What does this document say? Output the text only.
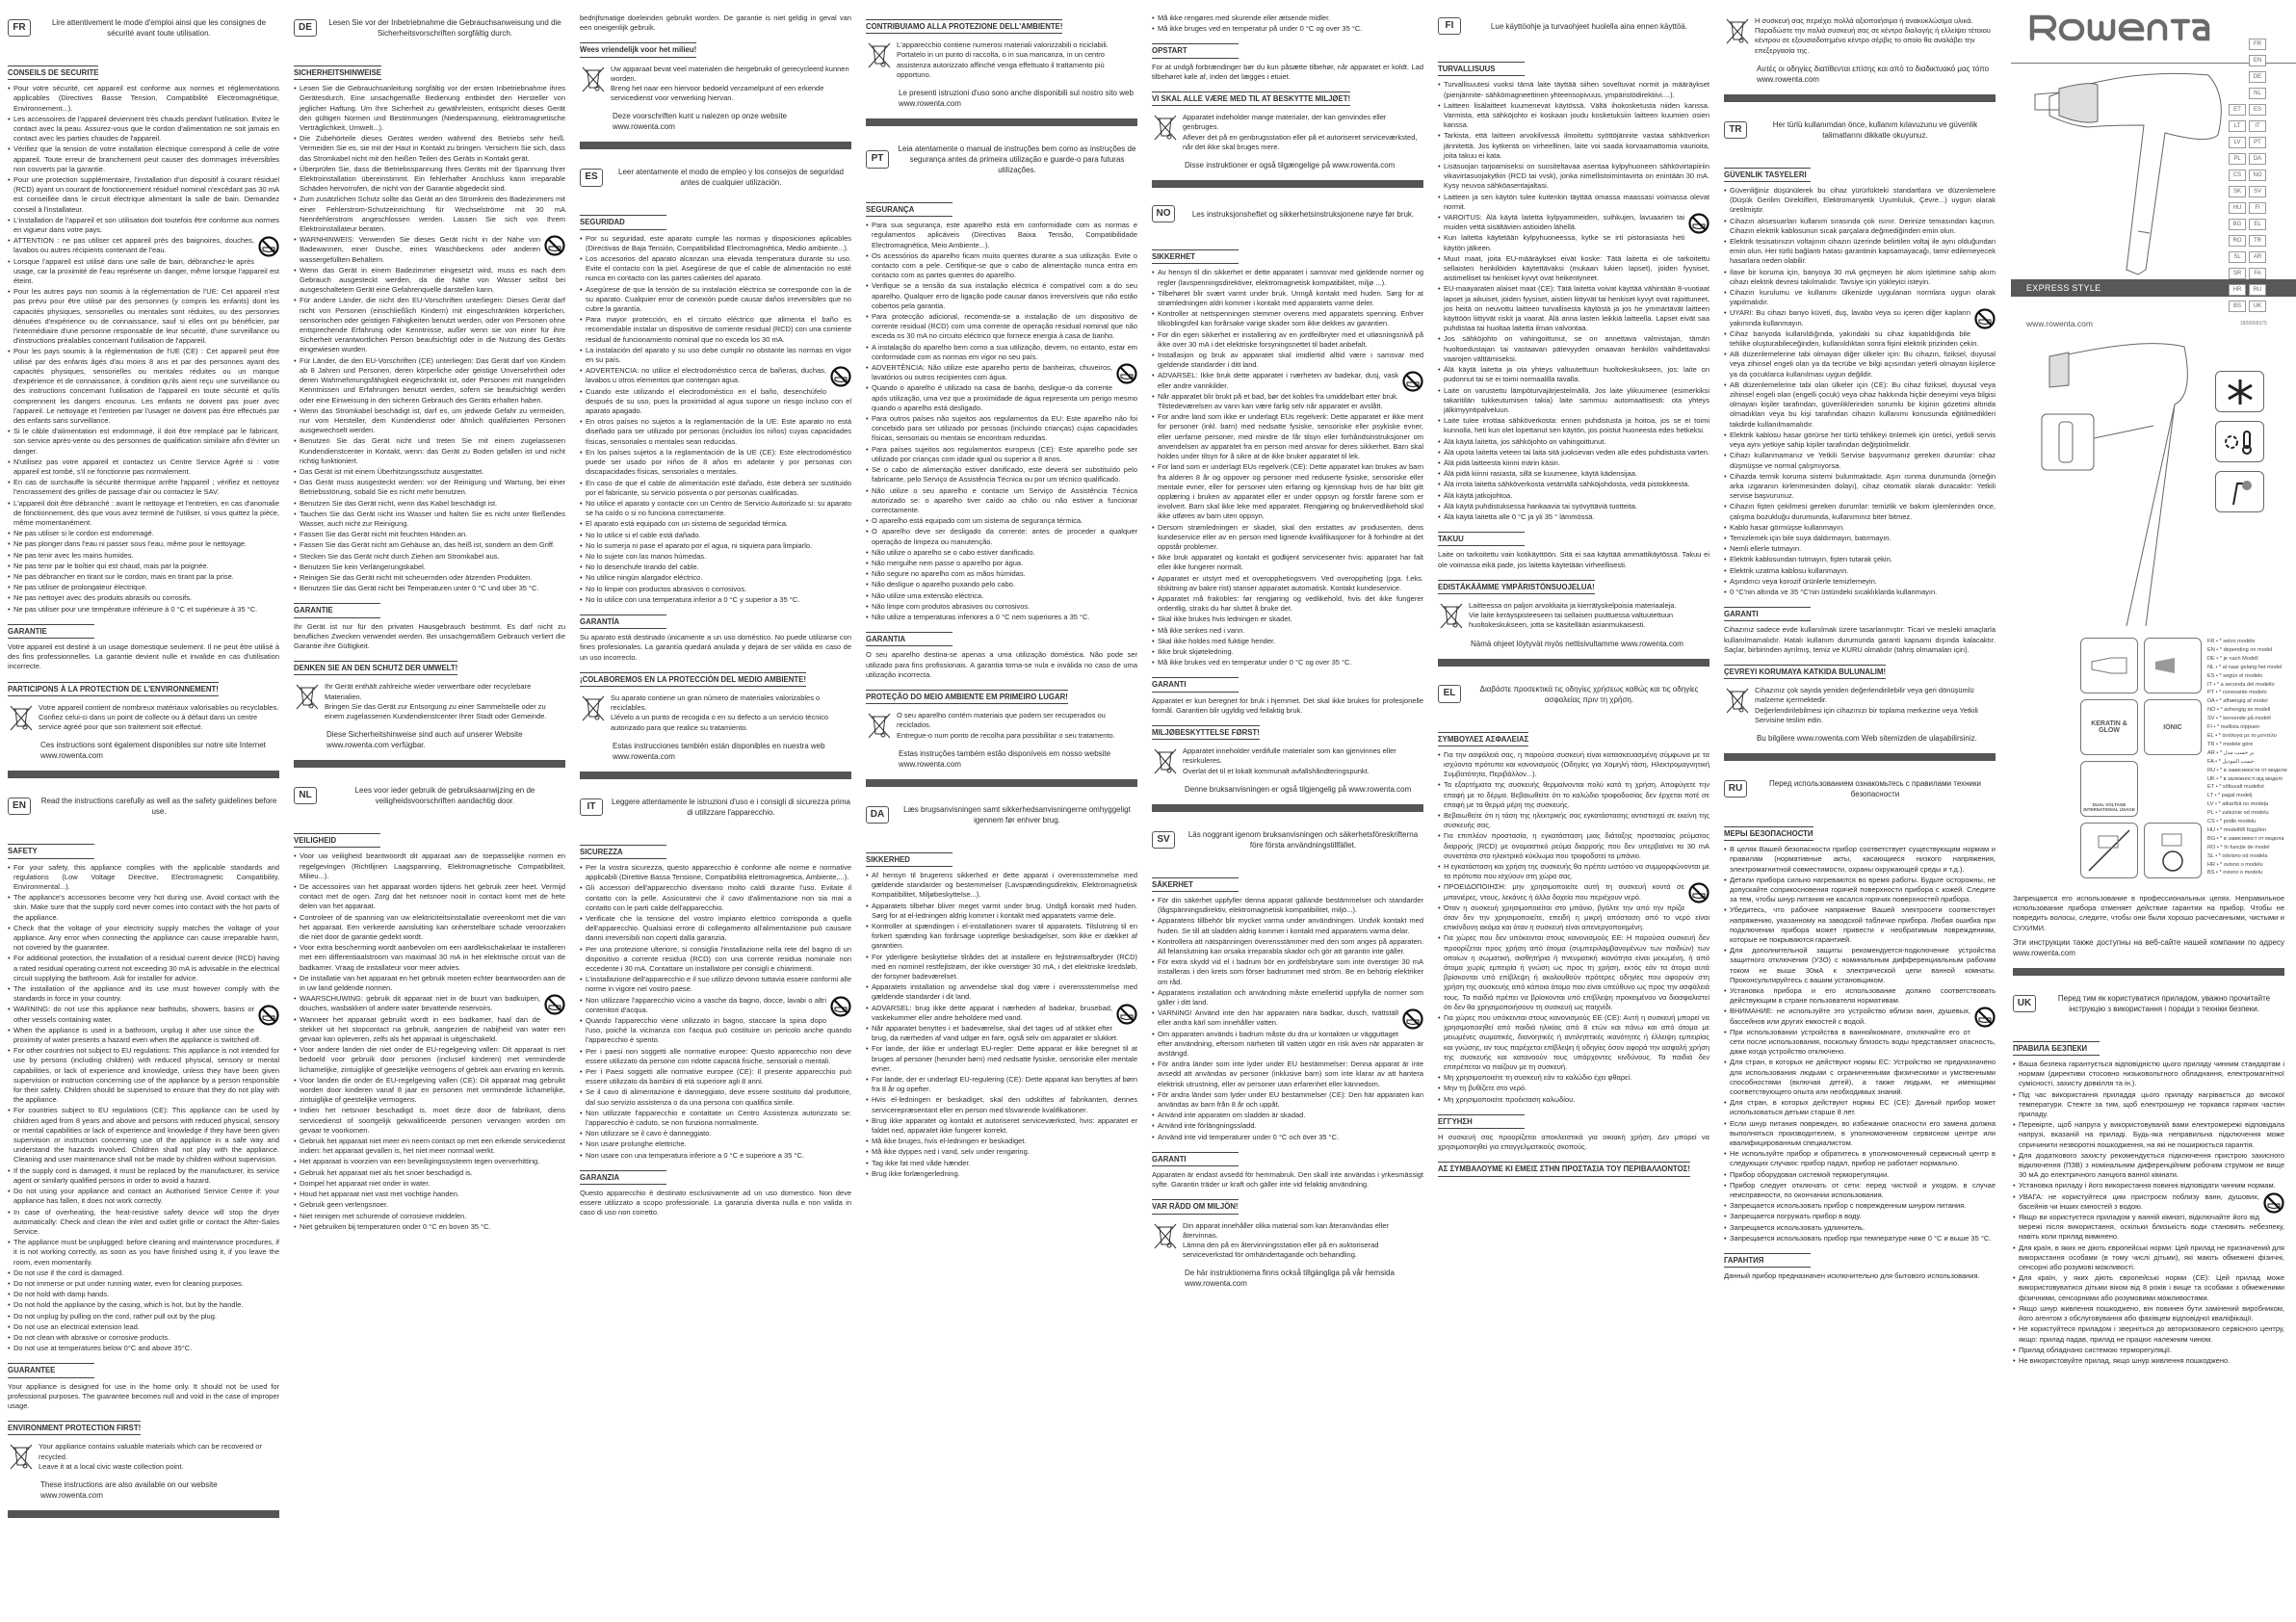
FR	Lire attentivement le mode d'emploi ainsi que les consignes de sécurité avant toute utilisation.
CONSEILS DE SECURITE
• Pour votre sécurité, cet appareil est conforme aux normes et réglementations applicables (Directives Basse Tension, Compatibilité Electromagnétique, Environnement...).
• Les accessoires de l'appareil deviennent très chauds pendant l'utilisation. Evitez le contact avec la peau. Assurez-vous que le cordon d'alimentation ne soit jamais en contact avec les parties chaudes de l'appareil.
• Vérifiez que la tension de votre installation électrique correspond à celle de votre appareil. Toute erreur de branchement peut causer des dommages irréversibles non couverts par la garantie.
• Pour une protection supplémentaire, l'installation d'un dispositif à courant résiduel (RCD) ayant un courant de fonctionnement résiduel nominal n'excédant pas 30 mA est conseillée dans le circuit électrique alimentant la salle de bain. Demandez conseil à l'installateur.
• L'installation de l'appareil et son utilisation doit toutefois être conforme aux normes en vigueur dans votre pays.
• ATTENTION : ne pas utiliser cet appareil près des baignoires, douches, lavabos ou autres récipients contenant de l'eau.
• Lorsque l'appareil est utilisé dans une salle de bain, débranchez-le après usage, car la proximité de l'eau représente un danger, même lorsque l'appareil est éteint.
• Pour les autres pays non soumis à la réglementation de l'UE: Cet appareil n'est pas prévu pour être utilisé par des personnes (y compris les enfants) dont les capacités physiques, sensorielles ou mentales sont réduites, ou des personnes dénuées d'expérience ou de connaissance, sauf si elles ont pu bénéficier, par l'intermédiaire d'une personne responsable de leur sécurité, d'une surveillance ou d'instructions préalables concernant l'utilisation de l'appareil.
• Pour les pays soumis à la réglementation de l'UE (CE) : Cet appareil peut être utilisé par des enfants âgés d'au moins 8 ans et par des personnes ayant des capacités physiques, sensorielles ou mentales réduites ou un manque d'expérience et de connaissance, à condition qu'ils aient reçu une surveillance ou des instructions concernant l'utilisation de l'appareil en toute sécurité et qu'ils comprennent les dangers encourus. Les enfants ne doivent pas jouer avec l'appareil. Le nettoyage et l'entretien par l'usager ne doivent pas être effectués par des enfants sans surveillance.
• Si le câble d'alimentation est endommagé, il doit être remplacé par le fabricant, son service après-vente ou des personnes de qualification similaire afin d'éviter un danger.
• N'utilisez pas votre appareil et contactez un Centre Service Agréé si : votre appareil est tombé, s'il ne fonctionne pas normalement.
• En cas de surchauffe la sécurité thermique arrête l'appareil ; vérifiez et nettoyez l'encrassement des grilles de passage d'air ou contactez le SAV.
• L'appareil doit être débranché : avant le nettoyage et l'entretien, en cas d'anomalie de fonctionnement, dès que vous avez terminé de l'utiliser, si vous quittez la pièce, même momentanément.
• Ne pas utiliser si le cordon est endommagé.
• Ne pas plonger dans l'eau ni passer sous l'eau, même pour le nettoyage.
• Ne pas tenir avec les mains humides.
• Ne pas tenir par le boîtier qui est chaud, mais par la poignée.
• Ne pas débrancher en tirant sur le cordon, mais en tirant par la prise.
• Ne pas utiliser de prolongateur électrique.
• Ne pas nettoyer avec des produits abrasifs ou corrosifs.
• Ne pas utiliser pour une température inférieure à 0 °C et supérieure à 35 °C.
GARANTIE
Votre appareil est destiné à un usage domestique seulement. Il ne peut être utilisé à des fins professionnelles. La garantie devient nulle et invalide en cas d'utilisation incorrecte.
PARTICIPONS À LA PROTECTION DE L'ENVIRONNEMENT!
Votre appareil contient de nombreux matériaux valorisables ou recyclables.
Confiez celui-ci dans un point de collecte ou à défaut dans un centre service agréé pour que son traitement soit effectué.
Ces instructions sont également disponibles sur notre site Internet www.rowenta.com
EN	Read the instructions carefully as well as the safety guidelines before use.
SAFETY
• For your safety, this appliance complies with the applicable standards and regulations (Low Voltage Directive, Electromagnetic Compatibility, Environmental...).
• The appliance's accessories become very hot during use. Avoid contact with the skin. Make sure that the supply cord never comes into contact with the hot parts of the appliance.
• Check that the voltage of your electricity supply matches the voltage of your appliance. Any error when connecting the appliance can cause irreparable harm, not covered by the guarantee.
• For additional protection, the installation of a residual current device (RCD) having a rated residual operating current not exceeding 30 mA is advisable in the electrical circuit supplying the bathroom. Ask for installer for advice.
• The installation of the appliance and its use must however comply with the standards in force in your country.
• WARNING: do not use this appliance near bathtubs, showers, basins or other vessels containing water.
• When the appliance is used in a bathroom, unplug it after use since the proximity of water presents a hazard even when the appliance is switched off.
• For other countries not subject to EU regulations: This appliance is not intended for use by persons (including children) with reduced physical, sensory or mental capabilities, or lack of experience and knowledge, unless they have been given supervision or instruction concerning use of the appliance by a person responsible for their safety. Children should be supervised to ensure that they do not play with the appliance.
• For countries subject to EU regulations (CE): This appliance can be used by children aged from 8 years and above and persons with reduced physical, sensory or mental capabilities or lack of experience and knowledge if they have been given supervision or instruction concerning use of the appliance in a safe way and understand the hazards involved. Children shall not play with the appliance. Cleaning and user maintenance shall not be made by children without supervision.
• If the supply cord is damaged, it must be replaced by the manufacturer, its service agent or similarly qualified persons in order to avoid a hazard.
• Do not using your appliance and contact an Authorised Service Centre if: your appliance has fallen, it does not work correctly.
• In case of overheating, the heat-resistive safety device will stop the dryer automatically: Check and clean the inlet and outlet grille or contact the After-Sales Service.
• The appliance must be unplugged: before cleaning and maintenance procedures, if it is not working correctly, as soon as you have finished using it, if you leave the room, even momentarily.
• Do not use if the cord is damaged.
• Do not immerse or put under running water, even for cleaning purposes.
• Do not hold with damp hands.
• Do not hold the appliance by the casing, which is hot, but by the handle.
• Do not unplug by pulling on the cord, rather pull out by the plug.
• Do not use an electrical extension lead.
• Do not clean with abrasive or corrosive products.
• Do not use at temperatures below 0°C and above 35°C.
GUARANTEE
Your appliance is designed for use in the home only. It should not be used for professional purposes. The guarantee becomes null and void in the case of improper usage.
ENVIRONMENT PROTECTION FIRST!
Your appliance contains valuable materials which can be recovered or recycled.
Leave it at a local civic waste collection point.
These instructions are also available on our website www.rowenta.com
DE	Lesen Sie vor der Inbetriebnahme die Gebrauchsanweisung und die Sicherheitsvorschriften sorgfältig durch.
SICHERHEITSHINWEISE
• Lesen Sie die Gebrauchsanleitung sorgfältig vor der ersten Inbetriebnahme ihres Gerätesdurch. Eine unsachgemäße Bedienung entbindet den Hersteller von jeglicher Haftung. Um Ihre Sicherheit zu gewährleisten, entspricht dieses Gerät den gültigen Normen und Bestimmungen (Niederspannung, elektromagnetische Verträglichkeit, Umwelt...).
• Die Zubehörteile dieses Gerätes werden während des Betriebs sehr heiß. Vermeiden Sie es, sie mit der Haut in Kontakt zu bringen. Versichern Sie sich, dass das Stromkabel nicht mit den heißen Teilen des Geräts in Kontakt gerät.
• Überprüfen Sie, dass die Betriebsspannung Ihres Geräts mit der Spannung Ihrer Elektroinstallation übereinstimmt. Ein fehlerhafter Anschluss kann irreparable Schäden hervorrufen, die nicht von der Garantie abgedeckt sind.
• Zum zusätzlichen Schutz sollte das Gerät an den Stromkreis des Badezimmers mit einer Fehlerstrom-Schutzeinrichtung für Wechselströme mit 30 mA Nennfehlerstrom angeschlossen werden. Lassen Sie sich von Ihrem Elektroinstallateur beraten.
• WARNHINWEIS: Verwenden Sie dieses Gerät nicht in der Nähe von Badewannen, einer Dusche, eines Waschbeckens oder anderen wassergefüllten Behältern.
• Wenn das Gerät in einem Badezimmer eingesetzt wird, muss es nach dem Gebrauch ausgesteckt werden, da die Nähe von Wasser selbst bei ausgeschaltetem Gerät eine Gefahrenquelle darstellen kann.
• Für andere Länder, die nicht den EU-Vorschriften unterliegen: Dieses Gerät darf nicht von Personen (einschließlich Kindern) mit eingeschränkten körperlichen, sensorischen oder geistigen Fähigkeiten benutzt werden, oder von Personen ohne entsprechende Erfahrung oder Kenntnisse, außer wenn sie von einer für ihre Sicherheit verantwortlichen Person beaufsichtigt oder in die Nutzung des Geräts eingewiesen wurden.
• Für Länder, die den EU-Vorschriften (CE) unterliegen: Das Gerät darf von Kindern ab 8 Jahren und Personen, deren körperliche oder geistige Unversehrtheit oder deren Wahrnehmungsfähigkeit eingeschränkt ist, oder Personen mit mangelnden Kenntnissen und Erfahrungen benutzt werden, sofern sie beaufsichtigt werden oder eine Einweisung in den sicheren Gebrauch des Geräts erhalten haben.
• Wenn das Stromkabel beschädigt ist, darf es, um jedwede Gefahr zu vermeiden, nur vom Hersteller, dem Kundendienst oder ähnlich qualifizierten Personen ausgewechselt werden.
• Benutzen Sie das Gerät nicht und treten Sie mit einem zugelassenen Kundendienstcenter in Kontakt, wenn: das Gerät zu Boden gefallen ist und nicht richtig funktioniert.
• Das Gerät ist mit einem Überhitzungsschutz ausgestattet.
• Das Gerät muss ausgesteckt werden: vor der Reinigung und Wartung, bei einer Betriebsstörung, sobald Sie es nicht mehr benutzen.
• Benutzen Sie das Gerät nicht, wenn das Kabel beschädigt ist.
• Tauchen Sie das Gerät nicht ins Wasser und halten Sie es nicht unter fließendes Wasser, auch nicht zur Reinigung.
• Fassen Sie das Gerät nicht mit feuchten Händen an.
• Fassen Sie das Gerät nicht am Gehäuse an, das heiß ist, sondern an dem Griff.
• Stecken Sie das Gerät nicht durch Ziehen am Stromkabel aus.
• Benutzen Sie kein Verlängerungskabel.
• Reinigen Sie das Gerät nicht mit scheuernden oder ätzenden Produkten.
• Benutzen Sie das Gerät nicht bei Temperaturen unter 0 °C und über 35 °C.
GARANTIE
Ihr Gerät ist nur für den privaten Hausgebrauch bestimmt. Es darf nicht zu beruflichen Zwecken verwendet werden. Bei unsachgemäßem Gebrauch verliert die Garantie ihre Gültigkeit.
DENKEN SIE AN DEN SCHUTZ DER UMWELT!
Ihr Gerät enthält zahlreiche wieder verwertbare oder recyclebare Materialien.
Bringen Sie das Gerät zur Entsorgung zu einer Sammelstelle oder zu einem zugelassenen Kundendienstcenter Ihrer Stadt oder Gemeinde.
Diese Sicherheitshinweise sind auch auf unserer Website www.rowenta.com verfügbar.
NL	Lees voor ieder gebruik de gebruiksaanwijzing en de veiligheidsvoorschriften aandachtig door.
VEILIGHEID
• Voor uw veiligheid beantwoordt dit apparaat aan de toepasselijke normen en regelgevingen (Richtlijnen Laagspanning, Elektromagnetische Compatibiliteit, Milieu...).
• De accessoires van het apparaat worden tijdens het gebruik zeer heet. Vermijd contact met de ogen. Zorg dat het netsnoer nooit in contact komt met de hete delen van het apparaat.
• Controleer of de spanning van uw elektriciteitsinstallatie overeenkomt met die van het apparaat. Een verkeerde aansluiting kan onherstelbare schade veroorzaken die niet door de garantie gedekt wordt.
• Voor extra bescherming wordt aanbevolen om een aardlekschakelaar te installeren met een differentiaalstroom van maximaal 30 mA in het elektrische circuit van de badkamer. Vraag de installateur voor meer advies.
• De installatie van het apparaat en het gebruik moeten echter beantwoorden aan de in uw land geldende normen.
• WAARSCHUWING: gebruik dit apparaat niet in de buurt van badkuipen, douches, wasbakken of andere water bevattende reservoirs.
• Wanneer het apparaat gebruikt wordt in een badkamer, haal dan de stekker uit het stopcontact na gebruik, aangezien de nabijheid van water een gevaar kan opleveren, zelfs als het apparaat is uitgeschakeld.
• Voor andere landen die niet onder de EU-regelgeving vallen: Dit apparaat is niet bedoeld voor gebruik door personen (inclusief kinderen) met verminderde lichamelijke, zintuiglijke of geestelijke vermogens of gebrek aan ervaring en kennis.
• Voor landen die onder de EU-regelgeving vallen (CE): Dit apparaat mag gebruikt worden door kinderen vanaf 8 jaar en personen met verminderde lichamelijke, zintuiglijke of geestelijke vermogens.
• Indien het netsnoer beschadigd is, moet deze door de fabrikant, diens servicedienst of soortgelijk gekwalificeerde personen vervangen worden om gevaar te voorkomen.
• Gebruik het apparaat niet meer en neem contact op met een erkende servicedienst indien: het apparaat gevallen is, het niet meer normaal werkt.
• Het apparaat is voorzien van een beveiligingssysteem tegen oververhitting.
• Gebruik het apparaat niet als het snoer beschadigd is.
• Dompel het apparaat niet onder in water.
• Houd het apparaat niet vast met vochtige handen.
• Gebruik geen verlengsnoer.
• Niet reinigen met schurende of corrosieve middelen.
• Niet gebruiken bij temperaturen onder 0 °C en boven 35 °C.
bedrijfsmatige doeleinden gebruikt worden. De garantie is niet geldig in geval van een oneigenlijk gebruik.
Wees vriendelijk voor het milieu!
Uw apparaat bevat veel materialen die hergebruikt of gerecycleerd kunnen worden.
Breng het naar een hiervoor bedoeld verzamelpunt of een erkende servicedienst voor verwerking hiervan.
Deze voorschriften kunt u nalezen op onze website www.rowenta.com
ES	Leer atentamente el modo de empleo y los consejos de seguridad antes de cualquier utilización.
SEGURIDAD
• Por su seguridad, este aparato cumple las normas y disposiciones aplicables (Directivas de Baja Tensión, Compatibilidad Electromagnética, Medio ambiente...).
• Los accesorios del aparato alcanzan una elevada temperatura durante su uso. Evite el contacto con la piel. Asegúrese de que el cable de alimentación no esté nunca en contacto con las partes calientes del aparato.
• Asegúrese de que la tensión de su instalación eléctrica se corresponde con la de su aparato. Cualquier error de conexión puede causar daños irreversibles que no cubre la garantía.
• Para mayor protección, en el circuito eléctrico que alimenta el baño es recomendable instalar un dispositivo de corriente residual (RCD) con una corriente residual de funcionamiento nominal que no exceda los 30 mA.
• La instalación del aparato y su uso debe cumplir no obstante las normas en vigor en su país.
• ADVERTENCIA: no utilice el electrodoméstico cerca de bañeras, duchas, lavabos u otros elementos que contengan agua.
• Cuando este utilizando el electrodoméstico en el baño, desenchúfelo después de su uso, pues la proximidad al agua supone un riesgo incluso con el aparato apagado.
• En otros países no sujetos a la reglamentación de la UE: Este aparato no está diseñado para ser utilizado por personas (incluidos los niños) cuyas capacidades físicas, sensoriales o mentales sean reducidas.
• En los países sujetos a la reglamentación de la UE (CE): Este electrodoméstico puede ser usado por niños de 8 años en adelante y por personas con discapacidades físicas, sensoriales o mentales.
• En caso de que el cable de alimentación esté dañado, éste deberá ser sustituido por el fabricante, su servicio posventa o por personas cualificadas.
• No utilice el aparato y contacte con un Centro de Servicio Autorizado si: su aparato se ha caído o si no funciona correctamente.
• El aparato está equipado con un sistema de seguridad térmica.
• No lo utilice si el cable está dañado.
• No lo sumerja ni pase el aparato por el agua, ni siquiera para limpiarlo.
• No lo sujete con las manos húmedas.
• No lo desenchufe tirando del cable.
• No utilice ningún alargador eléctrico.
• No lo limpie con productos abrasivos o corrosivos.
• No lo utilice con una temperatura inferior a 0 °C y superior a 35 °C.
GARANTÍA
Su aparato está destinado únicamente a un uso doméstico. No puede utilizarse con fines profesionales. La garantía quedará anulada y dejará de ser válida en caso de un uso incorrecto.
¡COLABOREMOS EN LA PROTECCIÓN DEL MEDIO AMBIENTE!
Su aparato contiene un gran número de materiales valorizables o reciclables.
Llévelo a un punto de recogida o en su defecto a un servicio técnico autorizado para que realice su tratamiento.
Estas instrucciones también están disponibles en nuestra web www.rowenta.com
IT	Leggere attentamente le istruzioni d'uso e i consigli di sicurezza prima di utilizzare l'apparecchio.
SICUREZZA
• Per la vostra sicurezza, questo apparecchio è conforme alle norme e normative applicabili (Direttive Bassa Tensione, Compatibilità elettromagnetica, Ambiente,...).
• Gli accessori dell'apparecchio diventano molto caldi durante l'uso. Evitate il contatto con la pelle. Assicuratevi che il cavo d'alimentazione non sia mai a contatto con le parti calde dell'apparecchio.
• Verificate che la tensione del vostro impianto elettrico corrisponda a quella dell'apparecchio. Qualsiasi errore di collegamento all'alimentazione può causare danni irreversibili non coperti dalla garanzia.
• Per una protezione ulteriore, si consiglia l'installazione nella rete del bagno di un dispositivo a corrente residua (RCD) con una corrente residua nominale non eccedente i 30 mA. Contattare un installatore per consigli e chiarimenti.
• L'installazione dell'apparecchio e il suo utilizzo devono tuttavia essere conformi alle norme in vigore nel vostro paese.
• Non utilizzare l'apparecchio vicino a vasche da bagno, docce, lavabi o altri contenitori d'acqua.
• Quando l'apparecchio viene utilizzato in bagno, staccare la spina dopo l'uso, poiché la vicinanza con l'acqua può costituire un pericolo anche quando l'apparecchio è spento.
• Per i paesi non soggetti alle normative europee: Questo apparecchio non deve essere utilizzato da persone con ridotte capacità fisiche, sensoriali o mentali.
• Per i Paesi soggetti alle normative europee (CE): Il presente apparecchio può essere utilizzato da bambini di età superiore agli 8 anni.
• Se il cavo di alimentazione è danneggiato, deve essere sostituito dal produttore, dal suo servizio assistenza o da una persona con qualifica simile.
• Non utilizzate l'apparecchio e contattate un Centro Assistenza autorizzato se: l'apparecchio è caduto, se non funziona normalmente.
• Non utilizzare se il cavo è danneggiato.
• Non usare prolunghe elettriche.
• Non usare con una temperatura inferiore a 0 °C e superiore a 35 °C.
GARANZIA
Questo apparecchio è destinato esclusivamente ad un uso domestico. Non deve essere utilizzato a scopo professionale. La garanzia diventa nulla e non valida in caso di uso non corretto.
CONTRIBUIAMO ALLA PROTEZIONE DELL'AMBIENTE!
L'apparecchio contiene numerosi materiali valorizzabili o riciclabili.
Portatelo in un punto di raccolta, o in sua mancanza, in un centro assistenza autorizzato affinché venga effettuato il trattamento più opportuno.
Le presenti istruzioni d'uso sono anche disponibili sul nostro sito web www.rowenta.com
PT
Leia atentamente o manual de instruções bem como as instruções de segurança antes da primeira utilização e guarde-o para futuras utilizações.
SEGURANÇA
• Para sua segurança, este aparelho está em conformidade com as normas e regulamentos aplicáveis (Directivas Baixa Tensão, Compatibilidade Electromagnética, Meio Ambiente...).
• Os acessórios do aparelho ficam muito quentes durante a sua utilização. Evite o contacto com a pele. Certifique-se que o cabo de alimentação nunca entra em contacto com as partes quentes do aparelho.
• Verifique se a tensão da sua instalação eléctrica é compatível com a do seu aparelho. Qualquer erro de ligação pode causar danos irreversíveis que não estão cobertos pela garantia.
• Para protecção adicional, recomenda-se a instalação de um dispositivo de corrente residual (RCD) com uma corrente de operação residual nominal que não exceda os 30 mA no circuito eléctrico que fornece energia à casa de banho.
• A instalação do aparelho bem como a sua utilização, devem, no entanto, estar em conformidade com as normas em vigor no seu país.
• ADVERTÊNCIA: Não utilize este aparelho perto de banheiras, chuveiros, lavatórios ou outros recipientes com água.
• Quando o aparelho é utilizado na casa de banho, desligue-o da corrente após utilização, uma vez que a proximidade de água representa um perigo mesmo quando o aparelho está desligado.
• Para outros países não sujeitos aos regulamentos da EU: Este aparelho não foi concebido para ser utilizado por pessoas (incluindo crianças) cujas capacidades físicas, sensoriais ou mentais se encontram reduzidas.
• Para países sujeitos aos regulamentos europeus (CE): Este aparelho pode ser utilizado por crianças com idade igual ou superior a 8 anos.
• Se o cabo de alimentação estiver danificado, este deverá ser substituído pelo fabricante, pelo Serviço de Assistência Técnica ou por um técnico qualificado.
• Não utilize o seu aparelho e contacte um Serviço de Assistência Técnica autorizado se: o aparelho tiver caído ao chão ou não estiver a funcionar correctamente.
• O aparelho está equipado com um sistema de segurança térmica.
• O aparelho deve ser desligado da corrente: antes de proceder a qualquer operação de limpeza ou manutenção.
• Não utilize o aparelho se o cabo estiver danificado.
• Não mergulhe nem passe o aparelho por água.
• Não segure no aparelho com as mãos húmidas.
• Não desligue o aparelho puxando pelo cabo.
• Não utilize uma extensão eléctrica.
• Não limpe com produtos abrasivos ou corrosivos.
• Não utilize a temperaturas inferiores a 0 °C nem superiores a 35 °C.
GARANTIA
O seu aparelho destina-se apenas a uma utilização doméstica. Não pode ser utilizado para fins profissionais. A garantia torna-se nula e inválida no caso de uma utilização incorrecta.
PROTEÇÃO DO MEIO AMBIENTE EM PRIMEIRO LUGAR!
O seu aparelho contém materiais que podem ser recuperados ou reciclados.
Entregue-o num ponto de recolha para possibilitar o seu tratamento.
Estas instruções também estão disponíveis em nosso website www.rowenta.com
DA	Læs brugsanvisningen samt sikkerhedsanvisningerne omhyggeligt igennem før enhver brug.
SIKKERHED
• Af hensyn til brugerens sikkerhed er dette apparat i overensstemmelse med gældende standarder og bestemmelser (Lavspændingsdirektiv, Elektromagnetisk Kompatibilitet, Miljøbeskyttelse...).
• Apparatets tilbehør bliver meget varmt under brug. Undgå kontakt med huden. Sørg for at el-ledningen aldrig kommer i kontakt med apparatets varme dele.
• Kontroller at spændingen i el-installationen svarer til apparatets. Tilslutning til en forkert spænding kan forårsage uopretlige beskadigelser, som ikke er dækket af garantien.
• For yderligere beskyttelse tilrådes det at installere en fejlstrømsafbryder (RCD) med en nominel restfejlstrøm, der ikke overstiger 30 mA, i det elektriske kredsløb, der forsyner badeværelset.
• Apparatets installation og anvendelse skal dog være i overensstemmelse med gældende standarder i dit land.
• ADVARSEL: brug ikke dette apparat i nærheden af badekar, brusebad, vaskekummer eller andre beholdere med vand.
• Når apparatet benyttes i et badeværelse, skal det tages ud af stikket efter brug, da nærheden af vand udgør en fare, også selv om apparatet er slukket.
• For lande, der ikke er underlagt EU-regler: Dette apparat er ikke beregnet til at bruges af personer (herunder børn) med nedsatte fysiske, sensoriske eller mentale evner.
• For lande, der er underlagt EU-regulering (CE): Dette apparat kan benyttes af børn fra 8 år og opefter.
• Hvis el-ledningen er beskadiget, skal den udskiftes af fabrikanten, dennes servicerepræsentant eller en person med tilsvarende kvalifikationer.
• Brug ikke apparatet og kontakt et autoriseret serviceværksted, hvis: apparatet er faldet ned, apparatet ikke fungerer korrekt.
• Må ikke bruges, hvis el-ledningen er beskadiget.
• Må ikke dyppes ned i vand, selv under rengøring.
• Tag ikke fat med våde hænder.
• Brug ikke forlængerledning.
• Må ikke rengøres med skurende eller ætsende midler.
• Må ikke bruges ved en temperatur på under 0 °C og over 35 °C.
OPSTART
For at undgå forbrændinger bør du kun påsætte tilbehør, når apparatet er koldt. Lad tilbehøret køle af, inden det lægges i etuiet.
VI SKAL ALLE VÆRE MED TIL AT BESKYTTE MILJØET!
Apparatet indeholder mange materialer, der kan genvindes eller genbruges.
Aflever det på en genbrugsstation eller på et autoriseret serviceværksted, når det ikke skal bruges mere.
Disse instruktioner er også tilgængelige på www.rowenta.com
NO	Les instruksjonsheftet og sikkerhetsinstruksjonene nøye før bruk.
SIKKERHET
• Av hensyn til din sikkerhet er dette apparatet i samsvar med gjeldende normer og regler (lavspenningsdirektiver, elektromagnetisk kompatibilitet, miljø ...).
• Tilbehøret blir svært varmt under bruk. Unngå kontakt med huden. Sørg for at strømledningen aldri kommer i kontakt med apparatets varme deler.
• Kontroller at nettspenningen stemmer overens med apparatets spenning. Enhver tilkoblingsfeil kan forårsake varige skader som ikke dekkes av garantien.
• For din egen sikkerhet er installering av en jordfeilbryter med et utløsningsnivå på ikke over 30 mA i det elektriske forsyningsnettet til badet anbefalt.
• Installasjon og bruk av apparatet skal imidlertid alltid være i samsvar med gjeldende standarder i ditt land.
• ADVARSEL: Ikke bruk dette apparatet i nærheten av badekar, dusj, vask eller andre vannkilder.
• Når apparatet blir brukt på et bad, bør det kobles fra umiddelbart etter bruk. Tilstedeværelsen av vann kan være farlig selv når apparatet er avslått.
• For andre land som ikke er underlagt EUs regelverk: Dette apparatet er ikke ment for personer (inkl. barn) med nedsatte fysiske, sensoriske eller psykiske evner, eller uerfarne personer, med mindre de får tilsyn eller forhåndsinstruksjoner om anvendelsen av apparatet fra en person med ansvar for deres sikkerhet. Barn skal holdes under tilsyn for å sikre at de ikke bruker apparatet til lek.
• For land som er underlagt EUs regelverk (CE): Dette apparatet kan brukes av barn fra alderen 8 år og oppover og personer med reduserte fysiske, sensoriske eller mentale evner, eller for personer uten erfaring og kjennskap hvis de har blitt gitt opplæring i bruken av apparatet eller er under oppsyn og forstår farene som er involvert. Barn skal ikke leke med apparatet. Rengjøring og brukervedlikehold skal ikke utføres av barn uten oppsyn.
• Dersom strømledningen er skadet, skal den erstattes av produsenten, dens kundeservice eller av en person med lignende kvalifikasjoner for å forhindre at det oppstår problemer.
• Ikke bruk apparatet og kontakt et godkjent servicesenter hvis: apparatet har falt eller ikke fungerer normalt.
• Apparatet er utstyrt med et overopphetingsvern. Ved overoppheting (pga. f.eks. tilskitning av bakre rist) stanser apparatet automatisk. Kontakt kundeservice.
• Apparatet må frakobles: før rengjøring og vedlikehold, hvis det ikke fungerer ordentlig, straks du har sluttet å bruke det.
• Skal ikke brukes hvis ledningen er skadet.
• Må ikke senkes ned i vann.
• Skal ikke holdes med fuktige hender.
• Ikke bruk skjøteledning.
• Må ikke brukes ved en temperatur under 0 °C og over 35 °C.
GARANTI
Apparatet er kun beregnet for bruk i hjemmet. Det skal ikke brukes for profesjonelle formål. Garantien blir ugyldig ved feilaktig bruk.
MILJØBESKYTTELSE FØRST!
Apparatet inneholder verdifulle materialer som kan gjenvinnes eller resirkuleres.
Overlat det til et lokalt kommunalt avfallshåndteringspunkt.
Denne bruksanvisningen er også tilgjengelig på www.rowenta.com
SV	Läs noggrant igenom bruksanvisningen och säkerhetsföreskrifterna före första användningstillfället.
SÄKERHET
• För din säkerhet uppfyller denna apparat gällande bestämmelser och standarder (lågspänningsdirektiv, elektromagnetisk kompatibilitet, miljö...).
• Apparatens tillbehör blir mycket varma under användningen. Undvik kontakt med huden. Se till att sladden aldrig kommer i kontakt med apparatens varma delar.
• Kontrollera att nätspänningen överensstämmer med den som anges på apparaten. All felanslutning kan orsaka irreparabla skador och gör att garantin inte gäller.
• För extra skydd vid el i badrum bör en jordfelsbrytare som inte överstiger 30 mA installeras i den krets som förser badrummet med ström. Be en behörig elektriker om råd.
• Apparatens installation och användning måste emellertid uppfylla de normer som gäller i ditt land.
• VARNING! Använd inte den här apparaten nära badkar, dusch, tvättställ eller andra kärl som innehåller vatten.
• Om apparaten används i badrum måste du dra ur kontakten ur vägguttaget efter användning, eftersom närheten till vatten utgör en risk även när apparaten är avstängd.
• För andra länder som inte lyder under EU bestämmelser: Denna apparat är inte avsedd att användas av personer (inklusive barn) som inte klarar av att hantera elektrisk utrustning, eller av personer utan erfarenhet eller kännedom.
• För andra länder som lyder under EU bestammelser (CE): Den här apparaten kan användas av barn från 8 år och uppåt.
• Använd inte apparaten om sladden är skadad.
• Använd inte förlängningssladd.
• Använd inte vid temperaturer under 0 °C och över 35 °C.
GARANTI
Apparaten är endast avsedd för hemmabruk. Den skall inte användas i yrkesmässigt syfte. Garantin träder ur kraft och gäller inte vid felaktig användning.
VAR RÄDD OM MILJÖN!
Din apparat innehåller olika material som kan återanvändas eller återvinnas.
Lämna den på en återvinningsstation eller på en auktoriserad serviceverkstad för omhändertagande och behandling.
De här instruktionerna finns också tillgängliga på vår hemsida www.rowenta.com
FI	Lue käyttöohje ja turvaohjeet huolella aina ennen käyttöä.
TURVALLISUUS
• Turvallisuutesi vuoksi tämä laite täyttää siihen soveltuvat normit ja määräykset (pienjännite- sähkömagneettinen yhteensopivuus, ympäristödirektiivi....).
• Laitteen lisälaitteet kuumenevat käytössä. Vältä ihokosketusta niiden kanssa. Varmista, että sähköjohto ei koskaan joudu kosketuksiin laitteen kuumien osien kanssa.
• Tarkista, että laitteen arvokilvessä ilmoitettu syöttöjännite vastaa sähköverkon jännitettä. Jos kytkentä on virheellinen, laite voi saada korvaamattomia vaurioita, joita takuu ei kata.
• Lisäsuojan tarjoamiseksi on suositeltavaa asentaa kylpyhuoneen sähkövirtapiiriin vikavirtasuojakytkin (RCD tai vvsk), jonka nimellistoimintavirta on enintään 30 mA. Kysy neuvoa sähköasentajaltasi.
• Laitteen ja sen käytön tulee kuitenkin täyttää omassa maassasi voimassa olevat normit.
• VAROITUS: Älä käytä laitetta kylpyammeiden, suihkujen, lavuaarien tai muiden vettä sisältävien astioiden lähellä.
• Kun laitetta käytetään kylpyhuoneessa, kytke se irti pistorasiasta heti käytön jälkeen.
• Muut maat, joita EU-määräykset eivät koske: Tätä laitetta ei ole tarkoitettu sellaisten henkilöiden käytettäväksi (mukaan lukien lapset), joiden fyysiset, aistimelliset tai henkiset kyvyt ovat heikentyneet.
• EU-maayaraten alaiset maat (CE): Tätä laitetta voivat käyttää vähintään 8-vuotiaat lapset ja aikuiset, joiden fyysiset, aistien liittyvät tai henkiset kyvyt ovat rajoittuneet, jos heitä on neuvottu laitteen turvallisesta käytöstä ja jos he ymmärtävät laitteen käyttöön liittyvät riskit ja vaarat. Älä anna lasten leikkiä laitteella. Lapset eivät saa puhdistaa tai huoltaa laitetta ilman valvontaa.
• Jos sähköjohto on vahingoittunut, se on annettava valmistajan, tämän huoltoedustajan tai vastaavan pätevyyden omaavan henkilön vaihdettavaksi vaarojen välttämiseksi.
• Älä käytä laitetta ja ota yhteys valtuutettuun huoltokeskukseen, jos: laite on pudonnut tai se ei toimi normaalilla tavalla.
• Laite on varustettu lämpöturvajärjestelmällä. Jos laite ylikuumenee (esimerkiksi takaritilän tukkeutumisen takia) laite sammuu automaattisesti: ota yhteys jälkimyyntipalveluun.
• Laite tulee irrottaa sähköverkosta: ennen puhdistusta ja hoitoa, jos se ei toimi kunnolla, heti kun olet lopettanut sen käytön, jos poistut huoneesta edes hetkeksi.
• Älä käytä laitetta, jos sähköjohto on vahingoittunut.
• Älä upota laitetta veteen tai laita sitä juoksevan veden alle edes puhdistusta varten.
• Älä pidä laitteesta kiinni märin käsin.
• Älä pidä kiinni rasiasta, sillä se kuumenee, käytä kädensijaa.
• Älä irrota laitetta sähköverkosta vetämällä sähköjohdosta, vedä pistokkeesta.
• Älä käytä jatkojohtoa.
• Älä käytä puhdistuksessa hankaavia tai syövyttäviä tuotteita.
• Älä käytä laitetta alle 0 °C ja yli 35 ° lämmössä.
TAKUU
Laite on tarkoitettu vain kotikäyttöön. Sitä ei saa käyttää ammattikäytössä. Takuu ei ole voimassa eikä pade, jos laitetta käytetään virheellisesti.
EDISTÄKÄÄMME YMPÄRISTÖNSUOJELUA!
Laitteessa on paljon arvokkaita ja kierrätyskelpoisia materiaaleja.
Vie laite keräyspisteeseen tai sellaisen puuttuessa valtuutettuun huoltokeskukseen, jotta se käsitellään asianmukaisesti.
Nämä ohjeet löytyvät myös nettisivultamme www.rowenta.com
EL	Διαβάστε προσεκτικά τις οδηγίες χρήσεως καθώς και τις οδηγίες ασφαλείας πριν τη χρήση.
ΣΥΜΒΟΥΛΕΣ ΑΣΦΑΛΕΙΑΣ
• Για την ασφάλειά σας, η παρούσα συσκευή είναι κατασκευασμένη σύμφωνα με τα ισχύοντα πρότυπα και κανονισμούς (Οδηγίες για Χαμηλή τάση, Ηλεκτρομαγνητική Συμβατότητα, Περιβάλλον...).
• Τα εξαρτήματα της συσκευής θερμαίνονται πολύ κατά τη χρήση. Αποφύγετε την επαφή με το δέρμα. Βεβαιωθείτε ότι το καλώδιο τροφοδοσίας δεν έρχεται ποτέ σε επαφή με τα θερμά μέρη της συσκευής.
• Βεβαιωθείτε ότι η τάση της ηλεκτρικής σας εγκατάστασης αντιστοιχεί σε εκείνη της συσκευής σας.
• Για επιπλέον προστασία, η εγκατάσταση μιας διάταξης προστασίας ρεύματος διαρροής (RCD) με ονομαστικό ρεύμα διαρροής που δεν υπερβαίνει τα 30 mA συνιστάται στο ηλεκτρικό κύκλωμα που τροφοδοτεί το μπάνιο.
• Η εγκατάσταση και χρήση της συσκευής θα πρέπει ωστόσο να συμμορφώνονται με τα πρότυπα που ισχύουν στη χώρα σας.
• ΠΡΟΕΙΔΟΠΟΙΗΣΗ: μην χρησιμοποιείτε αυτή τη συσκευή κοντά σε μπανιέρες, ντους, λεκάνες ή άλλα δοχεία που περιέχουν νερό.
• Όταν η συσκευή χρησιμοποιείται στο μπάνιο, βγάλτε την από την πρίζα όταν δεν την χρησιμοποιείτε, επειδή η μικρή απόσταση από το νερό είναι επικίνδυνη ακόμα και όταν η συσκευή είναι απενεργοποιημένη.
• Για χώρες που δεν υπόκεινται στους κανονισμούς ΕΕ: Η παρούσα συσκευή δεν προορίζεται προς χρήση από άτομα (συμπεριλαμβανομένων των παιδιών) των οποίων η σωματική, αισθητήρια ή πνευματική ικανότητα είναι μειωμένη, ή από άτομα χωρίς εμπειρία ή γνώση ως προς τη χρήση, εκτός εάν τα άτομα αυτά βρίσκονται υπό επίβλεψη ή ακολουθούν πρότερες οδηγίες που αφορούν στη χρήση της συσκευής από κάποιο άτομο που είναι υπεύθυνο ως προς την ασφάλειά τους. Τα παιδιά πρέπει να βρίσκονται υπό επίβλεψη προκειμένου να διασφαλιστεί ότι δεν θα χρησιμοποιήσουν τη συσκευή ως παιχνίδι.
• Για χώρες που υπόκεινται στους κανονισμούς ΕΕ (CE): Αυτή η συσκευή μπορεί να χρησιμοποιηθεί από παιδιά ηλικίας από 8 ετών και πάνω και από άτομα με μειωμένες σωματικές, διανοητικές ή αντιληπτικές ικανότητες ή έλλειψη εμπειρίας και γνώσης, αν τους παρέχεται επίβλεψη ή οδηγίες όσον αφορά την ασφαλή χρήση της συσκευής και κατανοούν τους υπάρχοντες κινδύνους. Τα παιδιά δεν επιτρέπεται να παίζουν με τη συσκευή.
• Μη χρησιμοποιείτε τη συσκευή εάν το καλώδιο έχει φθαρεί.
• Μην τη βυθίζετε στο νερό.
• Μη χρησιμοποιείτε προέκταση καλωδίου.
ΕΓΓΥΗΣΗ
Η συσκευή σας προορίζεται αποκλειστικά για οικιακή χρήση. Δεν μπορεί να χρησιμοποιηθεί για επαγγελματικούς σκοπούς.
ΑΣ ΣΥΜΒΑΛΟΥΜΕ ΚΙ ΕΜΕΙΣ ΣΤΗΝ ΠΡΟΣΤΑΣΙΑ ΤΟΥ ΠΕΡΙΒΑΛΛΟΝΤΟΣ!
Η συσκευή σας περιέχει πολλά αξιοποιήσιμα ή ανακυκλώσιμα υλικά.
Παραδώστε την παλιά συσκευή σας σε κέντρο διαλογής ή ελλείψει τέτοιου κέντρου σε εξουσιοδοτημένο κέντρο σέρβις το οποίο θα αναλάβει την επεξεργασία της.
Αυτές οι οδηγίες διατίθενται επίσης και από το διαδικτυακό μας τόπο www.rowenta.com
TR	Her türlü kullanımdan önce, kullanım kılavuzunu ve güvenlik talimatlarını dikkatle okuyunuz.
GÜVENLIK TASYELERI
• Güvenliğiniz düşünülerek bu cihaz yürürlükteki standartlara ve düzenlemelere (Düşük Gerilim Direktifleri, Elektromanyetik Uyumluluk, Çevre...) uygun olarak üretilmiştir.
• Cihazın aksesuarları kullanım sırasında çok ısınır. Derinize temasından kaçının. Cihazın elektrik kablosunun sıcak parçalara değmediğinden emin olun.
• Elektrik tesisatınızın voltajının cihazın üzerinde belirtilen voltaj ile aynı olduğundan emin olun. Her türlü bağlantı hatası garantinin kapsamayacağı, tamir edilemeyecek hasarlara neden olabilir.
• İlave bir koruma için, banyoya 30 mA geçmeyen bir akım işletimine sahip akım cihazı elektrik devresi takılmalıdır. Tavsiye için yükleyici isteyin.
• Cihazın kurulumu ve kullanımı ülkenizde uygulanan normlara uygun olarak yapılmalıdır.
• UYARI: Bu cihazı banyo küveti, duş, lavabo veya su içeren diğer kapların yakınında kullanmayın.
• Cihaz banyoda kullanıldığında, yakındaki su cihaz kapatıldığında bile tehlike oluşturabileceğinden, kullanıldıktan sonra fişini elektrik prizinden çekin.
• AB düzenlemelerine tabi olmayan diğer ülkeler için: Bu cihazın, fiziksel, duyusal veya zihinsel engeli olan ya da tecrübe ve bilgi açısından yeterli olmayan kişilerce ya da çocuklarca kullanılması uygun değildir.
• AB düzenlemelerine tabi olan ülkeler için (CE): Bu cihaz fiziksel, duyusal veya zihinsel engeli olan (engelli çocuk) veya cihaz hakkında hiçbir deneyimi veya bilgisi olmayan kişiler tarafından, güvenliklerinden sorumlu bir kişinin gözetimi altında olmadıkları veya bu kişi tarafından cihazın kullanımı konusunda eğitilmedikleri takdirde kullanılmamalıdır.
• Elektrik kablosu hasar görürse her türlü tehlikeyi önlemek için üretici, yetkili servis veya aynı yetkiye sahip kişiler tarafından değiştirilmelidir.
• Cihazı kullanmamanız ve Yetkili Servise başvurmanız gereken durumlar: cihaz düşmüşse ve normal çalışmıyorsa.
• Cihazda termik koruma sistemi bulunmaktadır. Aşırı ısınma durumunda (örneğin arka ızgaranın kirlenmesinden dolayı), cihaz otomatik olarak duracaktır: Yetkili servise başvurunuz.
• Cihazın fişten çekilmesi gereken durumlar: temizlik ve bakım işlemlerinden önce, çalışma bozukluğu durumunda, kullanımınız biter bitmez.
• Kablo hasar görmüşse kullanmayın.
• Temizlemek için bile suya daldırmayın, batırmayın.
• Nemli ellerle tutmayın.
• Elektrik kablosundan tutmayın, fişten tutarak çekin.
• Elektrik uzatma kablosu kullanmayın.
• Aşındırıcı veya korozif ürünlerle temizlemeyin.
• 0 °C'nin altında ve 35 °C'nin üstündeki sıcaklıklarda kullanmayın.
GARANTI
Cihazınız sadece evde kullanılmak üzere tasarlanmıştır. Ticari ve mesleki amaçlarla kullanılmamalıdır. Hatalı kullanım durumunda garanti kapsamı dışında kalacaktır. Saçlar, birbirinden ayrılmış, temiz ve KURU olmalıdır (tahriş olmamaları için).
ÇEVREYI KORUMAYA KATKIDA BULUNALIM!
Cihazınız çok sayıda yeniden değerlendirilebilir veya geri dönüşümlü malzeme içermektedir.
Değerlendirilebilmesi için cihazınızı bir toplama merkezine veya Yetkili Servisine teslim edin.
Bu bilgilere www.rowenta.com Web sitemizden de ulaşabilirsiniz.
RU	Перед использованием ознакомьтесь с правилами техники безопасности
МЕРЫ БЕЗОПАСНОСТИ
• В целях Вашей безопасности прибор соответствует существующим нормам и правилам (нормативные акты, касающиеся низкого напряжения, электромагнитной совместимости, охраны окружающей среды и т.д.).
• Детали прибора сильно нагреваются во время работы. Будьте осторожны, не допускайте соприкосновения горячей поверхности прибора с кожей. Следите за тем, чтобы шнур питания не касался горячих поверхностей прибора.
• Убедитесь, что рабочее напряжение Вашей электросети соответствует напряжению, указанному на заводской табличке прибора. Любая ошибка при подключении прибора может привести к необратимым повреждениям, которые не покрываются гарантией.
• Для дополнительной защиты рекомендуется-подключение устройства защитного отключения (УЗО) с номинальным дифференциальным рабочим током не выше 30мА к электрической цепи ванной комнаты. Проконсультируйтесь с вашим установщиком.
• Установка прибора и его использование должно соответствовать действующим в стране пользователя нормативам.
• ВНИМАНИЕ: не используйте это устройство вблизи ванн, душевых, бассейнов или других емкостей с водой.
• При использовании устройства в ваннойкомнате, отключайте его от сети после использования, поскольку близость воды представляет опасность, даже когда устройство отключено.
• Для стран, в которых не действуют нормы ЕС: Устройство не предназначено для использования людьми с ограниченными физическими и умственными способностями (включая детей), а также людьми, не имеющими соответствующего опыта или необходимых знаний.
• Для стран, в которых действуют нормы ЕС (CE): Данный прибор может использоваться детьми старше 8 лет.
• Если шнур питания поврежден, во избежание опасности его замена должна выполняться производителем, в уполномоченном сервисном центре или квалифицированным специалистом.
• Не используйте прибор и обратитесь в уполномоченный сервисный центр в следующих случаях: прибор падал, прибор не работает нормально.
• Прибор оборудован системой терморегуляции.
• Прибор следует отключать от сети: перед чисткой и уходом, в случае неисправности, по окончании использования.
• Запрещается использовать прибор с поврежденным шнуром питания.
• Запрещается погружать прибор в воду.
• Запрещается использовать удлинитель.
• Запрещается использовать прибор при температуре ниже 0 °C и выше 35 °C.
ГАРАНТИЯ
Данный прибор предназначен исключительно для бытового использования.
EXPRESS STYLE
FR
EN
DE
NL
ET	ES
LT	IT
LV	PT
PL	DA
CS	NO
SK	SV
HU	FI
BG	EL
RO	TR
SL	AR
SR	FA
HR	RU
BS	UK
www.rowenta.com	1820009375
KERATIN & GLOW	IONIC
DUAL VOLTAGE INTERNATIONAL USAGE
FR • * selon modèle
EN • * depending on model
DE • * je nach Modell
NL • * al naar gelang het model
ES • * según el modelo
IT • * a seconda del modello
PT • * consoante modelo
DA • * afhængig af model
NO • * avhengig av modell
SV • * beroende på modell
FI • * mallista riippuen
EL • * ανάλογα με το μοντέλο
TR • * modele göre
AR • * بر حسب مدل
FA • * حسب الموديل
RU • * в зависимости от модели
UK • * в залежності від моделі
ET • * sõltuvalt mudelist
LT • * pagal modelį
LV • * atkarībā no modeļa
PL • * zależnie od modelu
CS • * podle modelu
HU • * modelltől függően
BG • * в зависимост от модела
RO • * în funcție de model
SL • * odvisno od modela
HR • * ovisno o modelu
BS • * ovisno o modelu
Запрещается его использование в профессиональных целях. Неправильное использование прибора отменяет действие гарантии на прибор. Чтобы не повредить волосы, следите, чтобы они были хорошо расчесанными, чистыми и СУХИМИ.
Эти инструкции также доступны на веб-сайте нашей компании по адресу www.rowenta.com
UK	Перед тим як користуватися приладом, уважно прочитайте інструкцію з використання і поради з техніки безпеки.
ПРАВИЛА БЕЗПЕКИ
• Ваша безпека гарантується відповідністю цього приладу чинним стандартам і нормам (директиви стосовно низьковольтного обладнання, електромагнітної сумісності, захисту довкілля та ін.).
• Під час використання приладдя цього приладу нагрівається до високої температури. Стежте за тим, щоб електрошнур не торкався гарячих частин приладу.
• Перевірте, щоб напруга у використовуваній вами електромережі відповідала напрузі, вказаній на приладі. Будь-яка неправильна підключення може спричинити незворотні пошкодження, на які не поширюється гарантія.
• Для додаткового захисту рекомендується підключення пристрою захисного відключення (ПЗВ) з номінальним диференційним робочим струмом не вище 30 мА до електричного ланцюга ванної кімнати.
• Установка приладу і його використання повинні відповідати чинним нормам.
• УВАГА: не користуйтеся цим пристроєм поблизу ванн, душових, басейнів чи інших ємностей з водою.
• Якщо ви користуєтеся приладом у ванній кімнаті, відключайте його від мережі після використання, оскільки близькість води становить небезпеку, навіть коли прилад вимкнено.
• Для країн, в яких не діють європейські норми: Цей прилад не призначений для використання особами (в тому числі дітьми), які мають обмежені фізичні, сенсорні або розумові можливості.
• Для країн, у яких діють європейські норми (CE): Цей прилад може використовуватися дітьми віком від 8 років і вище та особами з обмеженими фізичними, сенсорними або розумовими можливостями.
• Якщо шнур живлення пошкоджено, він повинен бути замінений виробником, його агентом з обслуговування або фахівцем відповідної кваліфікації.
• Не користуйтеся приладом і зверніться до авторизованого сервісного центру, якщо: прилад падав, прилад не працює належним чином.
• Прилад обладнано системою терморегуляції.
• Не використовуйте прилад, якщо шнур живлення пошкоджено.
